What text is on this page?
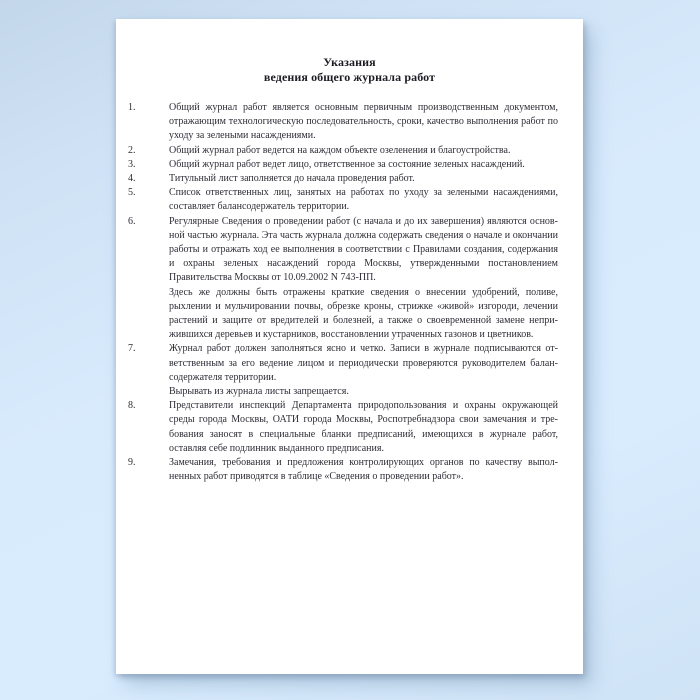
Указания
ведения общего журнала работ
1.	Общий журнал работ является основным первичным производственным документом, отражающим технологическую последовательность, сроки, качество выполнения работ по уходу за зелеными насаждениями.

2.	Общий журнал работ ведется на каждом объекте озеленения и благоустройства.

3.	Общий журнал работ ведет лицо, ответственное за состояние зеленых насаждений.

4.	Титульный лист заполняется до начала проведения работ.

5.	Список ответственных лиц, занятых на работах по уходу за зелеными насаждениями, составляет балансодержатель территории.

6.	Регулярные Сведения о проведении работ (с начала и до их завершения) являются основной частью журнала. Эта часть журнала должна содержать сведения о начале и окончании работы и отражать ход ее выполнения в соответствии с Правилами создания, содержания и охраны зеленых насаждений города Москвы, утвержденными постановлением Правительства Москвы от 10.09.2002 N 743-ПП.

Здесь же должны быть отражены краткие сведения о внесении удобрений, поливе, рыхлении и мульчировании почвы, обрезке кроны, стрижке «живой» изгороди, лечении растений и защите от вредителей и болезней, а также о своевременной замене неприжившихся деревьев и кустарников, восстановлении утраченных газонов и цветников.

7.	Журнал работ должен заполняться ясно и четко. Записи в журнале подписываются ответственным за его ведение лицом и периодически проверяются руководителем балансодержателя территории.

Вырывать из журнала листы запрещается.

8.	Представители инспекций Департамента природопользования и охраны окружающей среды города Москвы, ОАТИ города Москвы, Роспотребнадзора свои замечания и требования заносят в специальные бланки предписаний, имеющихся в журнале работ, оставляя себе подлинник выданного предписания.

9.	Замечания, требования и предложения контролирующих органов по качеству выполненных работ приводятся в таблице «Сведения о проведении работ».
